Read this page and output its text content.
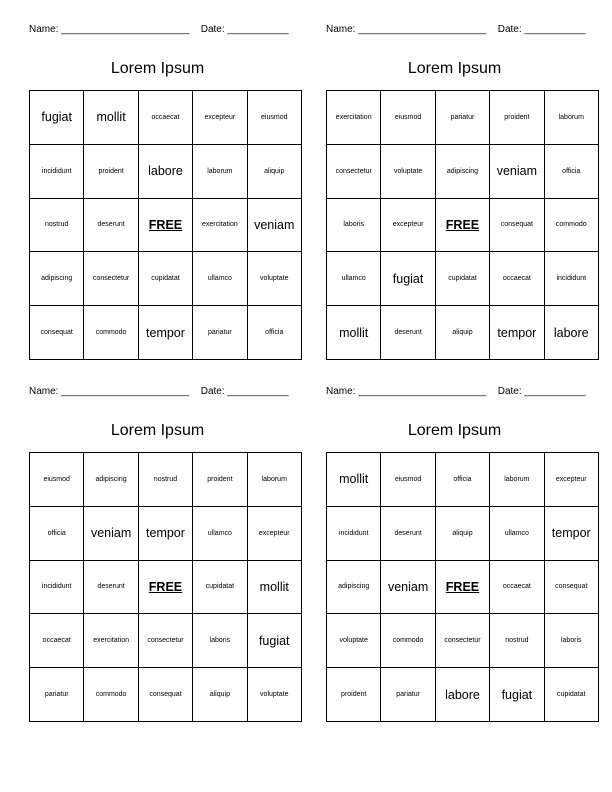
Name: _______________________ Date: ___________
Lorem Ipsum
fugiat	mollit	occaecat	excepteur	eiusmod
incididunt	proident	labore	laborum	aliquip
nostrud	deserunt	FREE	exercitation	veniam
adipiscing	consectetur	cupidatat	ullamco	voluptate
consequat	commodo	tempor	pariatur	officia
Name: _______________________ Date: ___________
Lorem Ipsum
exercitation	eiusmod	pariatur	proident	laborum
consectetur	voluptate	adipiscing	veniam	officia
laboris	excepteur	FREE	consequat	commodo
ullamco	fugiat	cupidatat	occaecat	incididunt
mollit	deserunt	aliquip	tempor	labore
Name: _______________________ Date: ___________
Lorem Ipsum
eiusmod	adipiscing	nostrud	proident	laborum
officia	veniam	tempor	ullamco	excepteur
incididunt	deserunt	FREE	cupidatat	mollit
occaecat	exercitation	consectetur	laboris	fugiat
pariatur	commodo	consequat	aliquip	voluptate
Name: _______________________ Date: ___________
Lorem Ipsum
mollit	eiusmod	officia	laborum	excepteur
incididunt	deserunt	aliquip	ullamco	tempor
adipiscing	veniam	FREE	occaecat	consequat
voluptate	commodo	consectetur	nostrud	laboris
proident	pariatur	labore	fugiat	cupidatat
